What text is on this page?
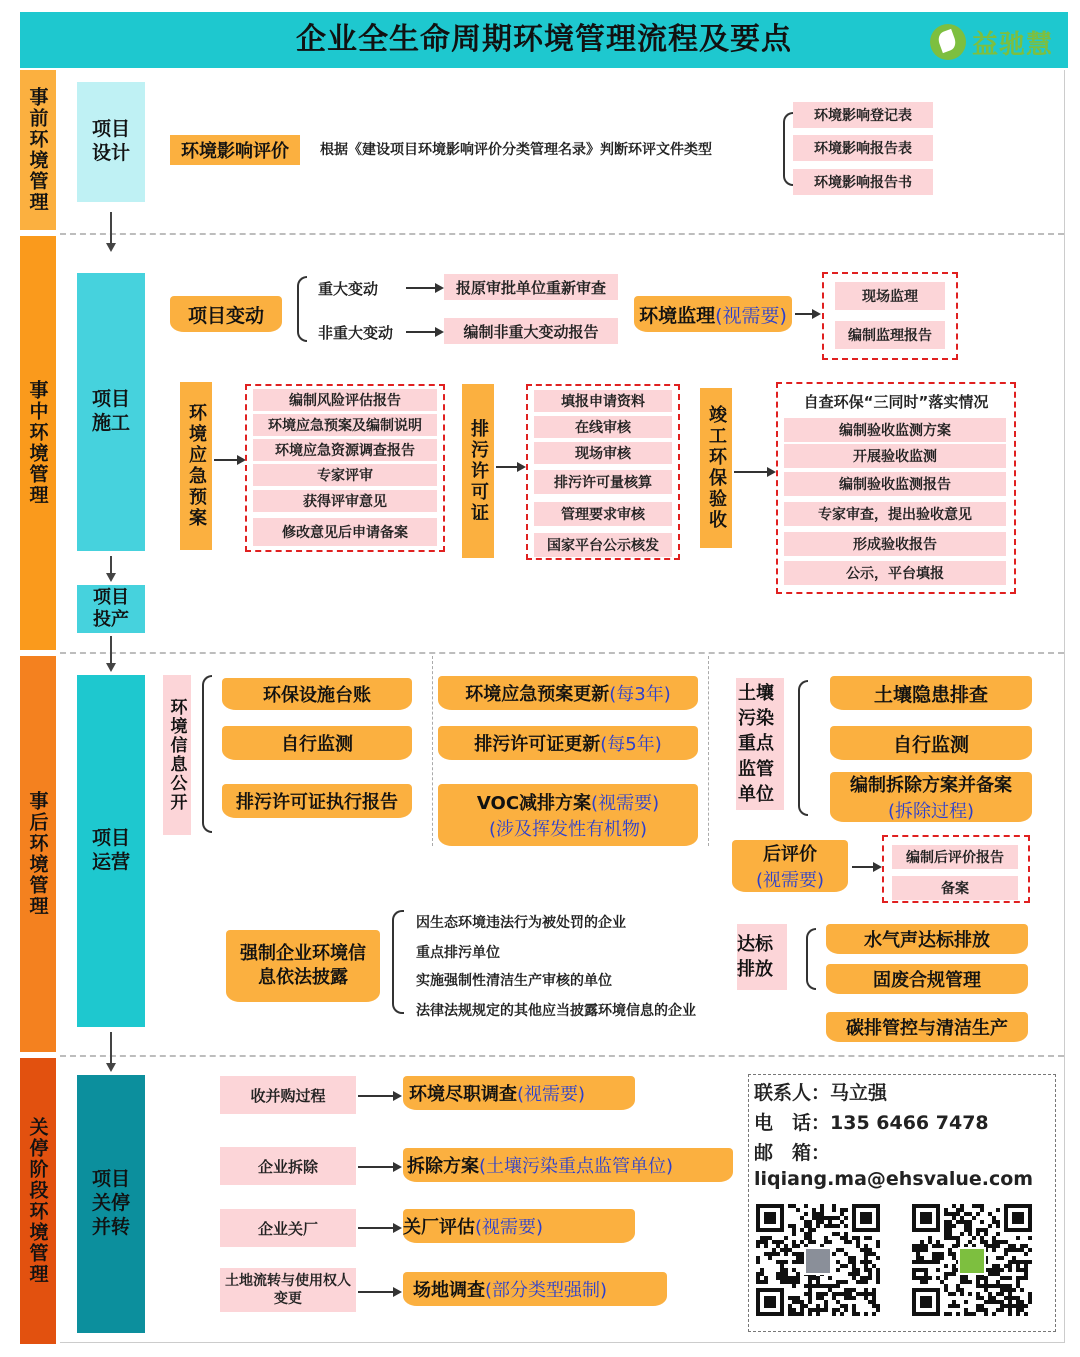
企业全生命周期环境管理流程及要点	益驰慧
事前环境管理
事中环境管理
事后环境管理
关停阶段环境管理
项目设计
项目施工
项目投产
项目运营
项目关停并转
环境影响评价	根据《建设项目环境影响评价分类管理名录》判断环评文件类型
环境影响登记表
环境影响报告表
环境影响报告书
项目变动
重大变动	报原审批单位重新审查
非重大变动	编制非重大变动报告
环境监理 (视需要)
现场监理
编制监理报告
环境应急预案
编制风险评估报告
环境应急预案及编制说明
环境应急资源调查报告
专家评审
获得评审意见
修改意见后申请备案
排污许可证
填报申请资料
在线审核
现场审核
排污许可量核算
管理要求审核
国家平台公示核发
竣工环保验收
自查环保“三同时”落实情况
编制验收监测方案
开展验收监测
编制验收监测报告
专家审查，提出验收意见
形成验收报告
公示，平台填报
环境信息公开
环保设施台账
自行监测
排污许可证执行报告
环境应急预案更新 (每3年)
排污许可证更新 (每5年)
VOC减排方案(视需要)
(涉及挥发性有机物)
土壤污染重点监管单位
土壤隐患排查
自行监测
编制拆除方案并备案
(拆除过程)
后评价
(视需要)
编制后评价报告
备案
强制企业环境信息依法披露
因生态环境违法行为被处罚的企业
重点排污单位
实施强制性清洁生产审核的单位
法律法规规定的其他应当披露环境信息的企业
达标排放
水气声达标排放
固废合规管理
碳排管控与清洁生产
收并购过程	环境尽职调查 (视需要)
企业拆除	拆除方案 (土壤污染重点监管单位)
企业关厂	关厂评估 (视需要)
土地流转与使用权人变更	场地调查 (部分类型强制)
联系人：马立强
电　话：135 6466 7478
邮　箱：
liqiang.ma@ehsvalue.com
